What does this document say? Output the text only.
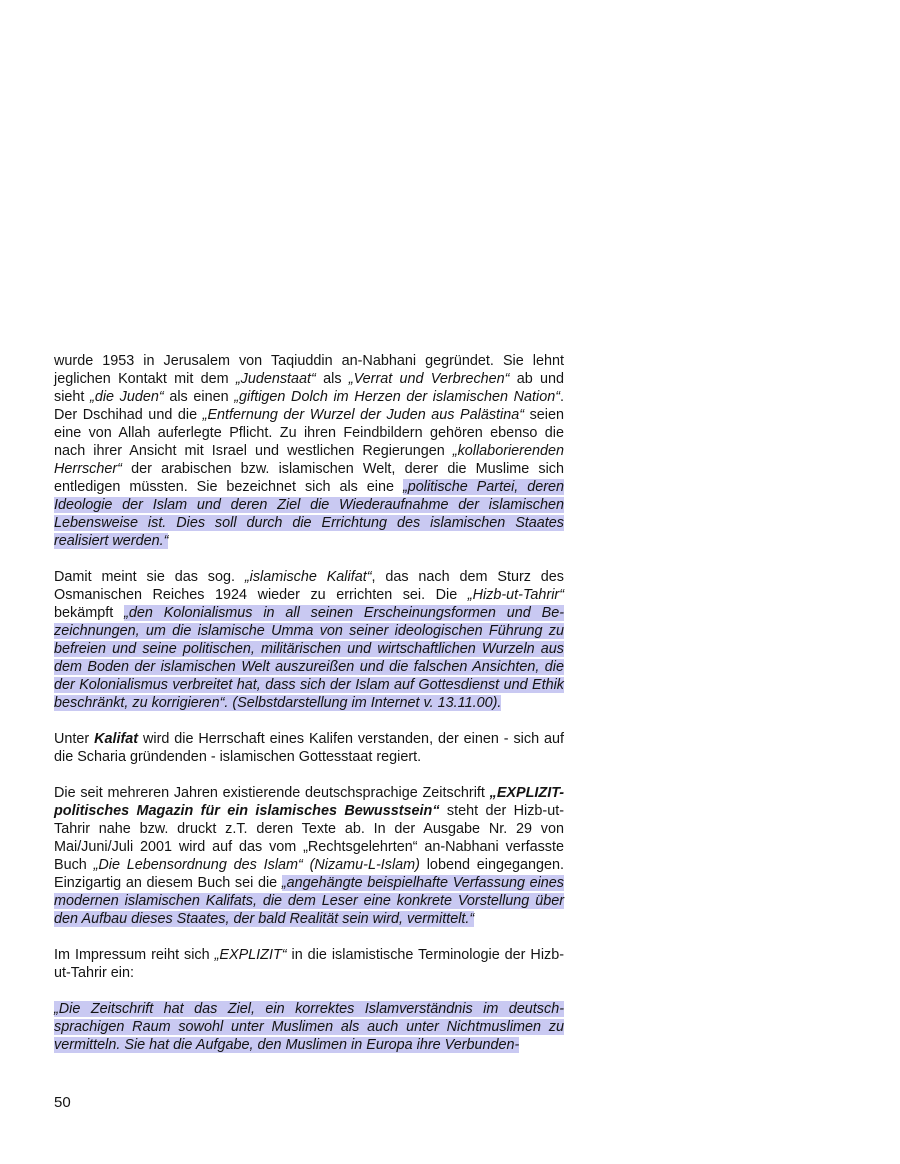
wurde 1953 in Jerusalem von Taqiuddin an-Nabhani gegründet. Sie lehnt jeglichen Kontakt mit dem „Judenstaat“ als „Verrat und Verbrechen“ ab und sieht „die Juden“ als einen „giftigen Dolch im Herzen der islamischen Nation“. Der Dschihad und die „Entfernung der Wurzel der Juden aus Palästina“ seien eine von Allah auferlegte Pflicht. Zu ihren Feindbildern gehören ebenso die nach ihrer Ansicht mit Israel und westlichen Regierungen „kollaborierenden Herrscher“ der arabischen bzw. islamischen Welt, derer die Muslime sich entledigen müssten. Sie bezeichnet sich als eine „politische Partei, deren Ideologie der Islam und deren Ziel die Wiederaufnahme der islamischen Lebensweise ist. Dies soll durch die Errichtung des islamischen Staates realisiert werden.“

Damit meint sie das sog. „islamische Kalifat“, das nach dem Sturz des Osmanischen Reiches 1924 wieder zu errichten sei. Die „Hizb-ut-Tahrir“ bekämpft „den Kolonialismus in all seinen Erscheinungsformen und Bezeichnungen, um die islamische Umma von seiner ideologischen Führung zu befreien und seine politischen, militärischen und wirtschaftlichen Wurzeln aus dem Boden der islamischen Welt auszureißen und die falschen Ansichten, die der Kolonialismus verbreitet hat, dass sich der Islam auf Gottesdienst und Ethik beschränkt, zu korrigieren“. (Selbstdarstellung im Internet v. 13.11.00).

Unter Kalifat wird die Herrschaft eines Kalifen verstanden, der einen - sich auf die Scharia gründenden - islamischen Gottesstaat regiert.

Die seit mehreren Jahren existierende deutschsprachige Zeitschrift „EXPLIZIT- politisches Magazin für ein islamisches Bewusstsein“ steht der Hizb-ut-Tahrir nahe bzw. druckt z.T. deren Texte ab. In der Ausgabe Nr. 29 von Mai/Juni/Juli 2001 wird auf das vom „Rechtsgelehrten“ an-Nabhani verfasste Buch „Die Lebensordnung des Islam“ (Nizamu-L-Islam) lobend eingegangen. Einzigartig an diesem Buch sei die „angehängte beispielhafte Verfassung eines modernen islamischen Kalifats, die dem Leser eine konkrete Vorstellung über den Aufbau dieses Staates, der bald Realität sein wird, vermittelt.“

Im Impressum reiht sich „EXPLIZIT“ in die islamistische Terminologie der Hizb-ut-Tahrir ein:

„Die Zeitschrift hat das Ziel, ein korrektes Islamverständnis im deutschsprachigen Raum sowohl unter Muslimen als auch unter Nichtmuslimen zu vermitteln. Sie hat die Aufgabe, den Muslimen in Europa ihre Verbunden-

50
